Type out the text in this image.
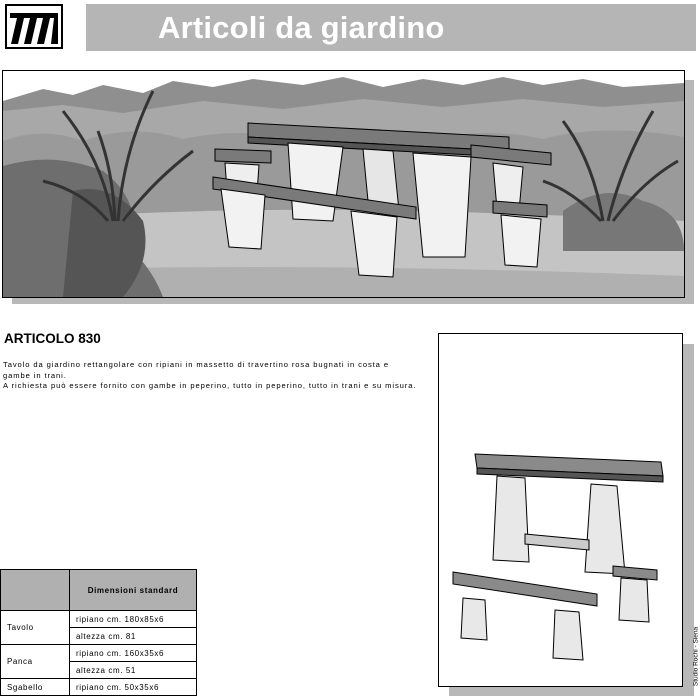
Articoli da giardino
ARTICOLO 830
Tavolo da giardino rettangolare con ripiani in massetto di travertino rosa bugnati in costa e
gambe in trani.
A richiesta può essere fornito con gambe in peperino, tutto in peperino, tutto in trani e su misura.
	Dimensioni standard
Tavolo	ripiano cm. 180x85x6
	altezza cm. 81
Panca	ripiano cm. 160x35x6
	altezza cm. 51
Sgabello	ripiano cm. 50x35x6
Studio Rochi - Siena
